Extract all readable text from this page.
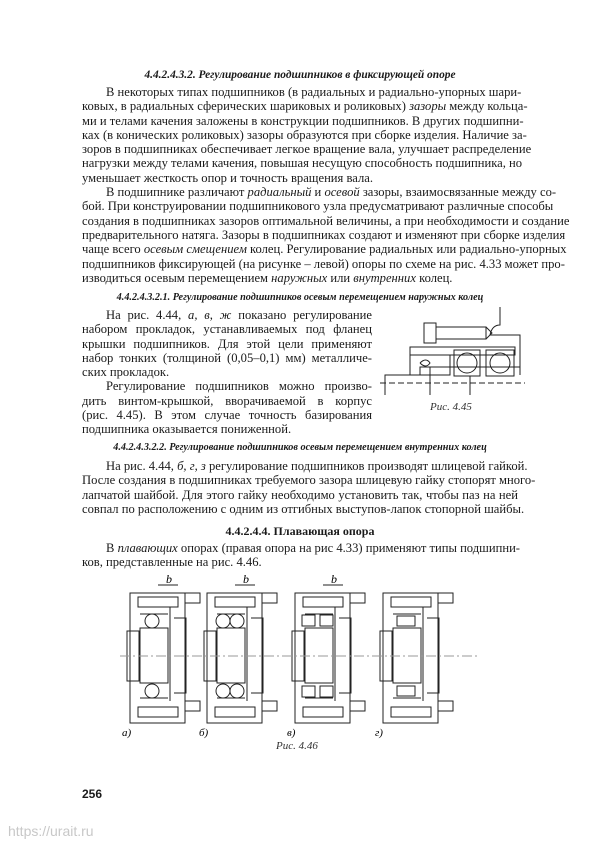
4.4.2.4.3.2. Регулирование подшипников в фиксирующей опоре
В некоторых типах подшипников (в радиальных и радиально-упорных шари-
ковых, в радиальных сферических шариковых и роликовых) зазоры между кольца-
ми и телами качения заложены в конструкции подшипников. В других подшипни-
ках (в конических роликовых) зазоры образуются при сборке изделия. Наличие за-
зоров в подшипниках обеспечивает легкое вращение вала, улучшает распределение
нагрузки между телами качения, повышая несущую способность подшипника, но
уменьшает жесткость опор и точность вращения вала.
В подшипнике различают радиальный и осевой зазоры, взаимосвязанные между со-
бой. При конструировании подшипникового узла предусматривают различные способы
создания в подшипниках зазоров оптимальной величины, а при необходимости и создание
предварительного натяга. Зазоры в подшипниках создают и изменяют при сборке изделия
чаще всего осевым смещением колец. Регулирование радиальных или радиально-упорных
подшипников фиксирующей (на рисунке – левой) опоры по схеме на рис. 4.33 может про-
изводиться осевым перемещением наружных или внутренних колец.
4.4.2.4.3.2.1. Регулирование подшипников осевым перемещением наружных колец
На рис. 4.44, а, в, ж показано регулирование
набором прокладок, устанавливаемых под фланец
крышки подшипников. Для этой цели применяют
набор тонких (толщиной (0,05–0,1) мм) металличе-
ских прокладок.
Регулирование подшипников можно произво-
дить винтом-крышкой, вворачиваемой в корпус
(рис. 4.45). В этом случае точность базирования
подшипника оказывается пониженной.
Рис. 4.45
4.4.2.4.3.2.2. Регулирование подшипников осевым перемещением внутренних колец
На рис. 4.44, б, г, з регулирование подшипников производят шлицевой гайкой.
После создания в подшипниках требуемого зазора шлицевую гайку стопорят много-
лапчатой шайбой. Для этого гайку необходимо установить так, чтобы паз на ней
совпал по расположению с одним из отгибных выступов-лапок стопорной шайбы.
4.4.2.4.4. Плавающая опора
В плавающих опорах (правая опора на рис 4.33) применяют типы подшипни-
ков, представленные на рис. 4.46.
b
а)
b
б)
b
в)	г)
Рис. 4.46
256
https://urait.ru
